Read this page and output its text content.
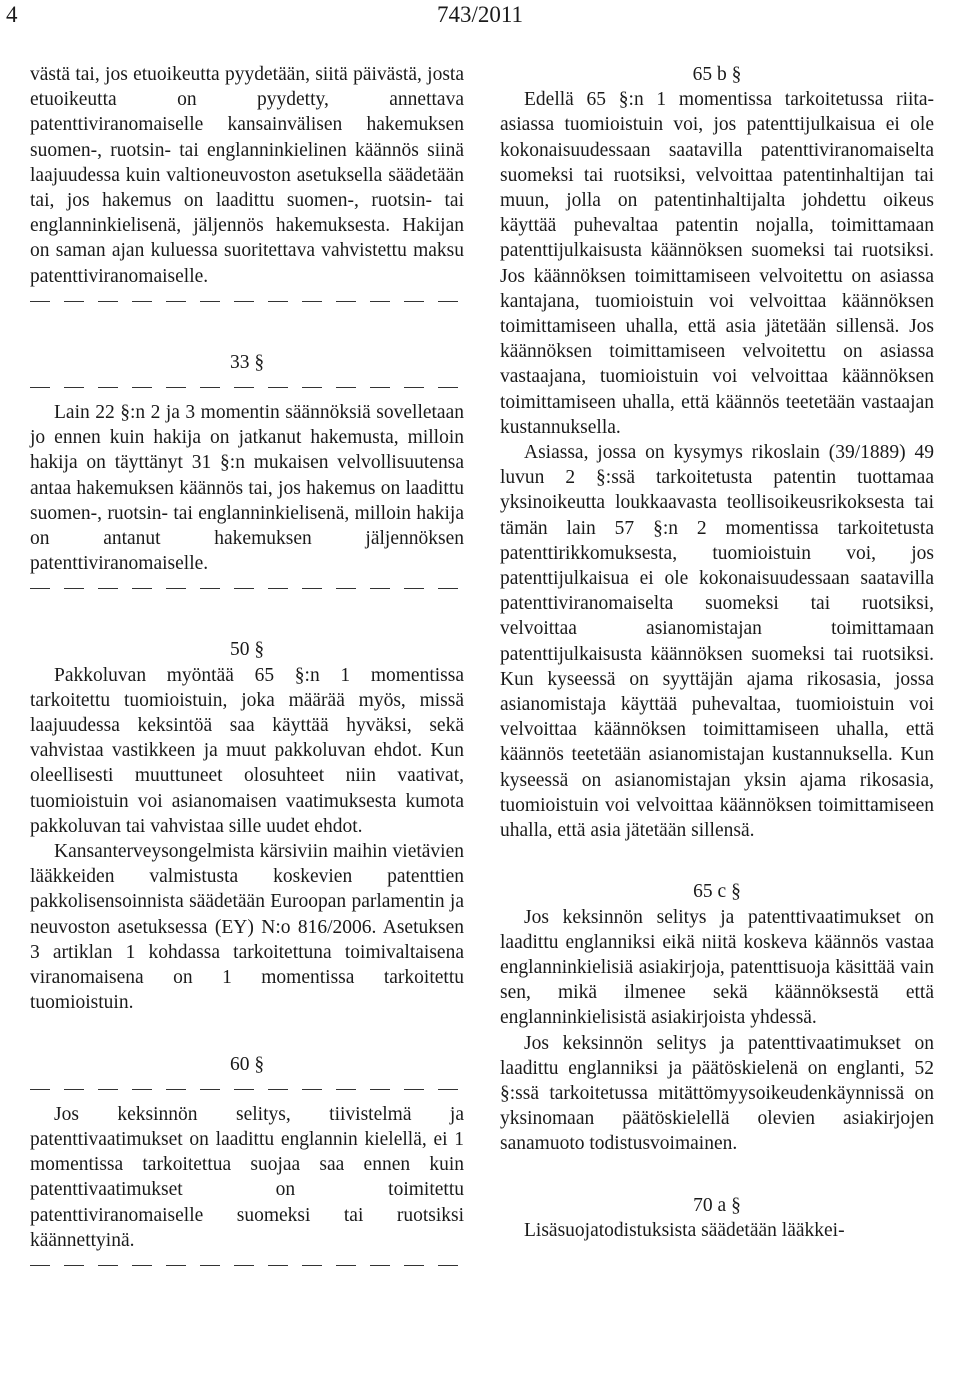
4	743/2011

västä tai, jos etuoikeutta pyydetään, siitä päivästä, josta etuoikeutta on pyydetty, annettava patenttiviranomaiselle kansainvälisen hakemuksen suomen-, ruotsin- tai englanninkielinen käännös siinä laajuudessa kuin valtioneuvoston asetuksella säädetään tai, jos hakemus on laadittu suomen-, ruotsin- tai englanninkielisenä, jäljennös hakemuksesta. Hakijan on saman ajan kuluessa suoritettava vahvistettu maksu patenttiviranomaiselle.

33 §

Lain 22 §:n 2 ja 3 momentin säännöksiä sovelletaan jo ennen kuin hakija on jatkanut hakemusta, milloin hakija on täyttänyt 31 §:n mukaisen velvollisuutensa antaa hakemuksen käännös tai, jos hakemus on laadittu suomen-, ruotsin- tai englanninkielisenä, milloin hakija on antanut hakemuksen jäljennöksen patenttiviranomaiselle.

50 §

Pakkoluvan myöntää 65 §:n 1 momentissa tarkoitettu tuomioistuin, joka määrää myös, missä laajuudessa keksintöä saa käyttää hyväksi, sekä vahvistaa vastikkeen ja muut pakkoluvan ehdot. Kun oleellisesti muuttuneet olosuhteet niin vaativat, tuomioistuin voi asianomaisen vaatimuksesta kumota pakkoluvan tai vahvistaa sille uudet ehdot.

Kansanterveysongelmista kärsiviin maihin vietävien lääkkeiden valmistusta koskevien patenttien pakkolisensoinnista säädetään Euroopan parlamentin ja neuvoston asetuksessa (EY) N:o 816/2006. Asetuksen 3 artiklan 1 kohdassa tarkoitettuna toimivaltaisena viranomaisena on 1 momentissa tarkoitettu tuomioistuin.

60 §

Jos keksinnön selitys, tiivistelmä ja patenttivaatimukset on laadittu englannin kielellä, ei 1 momentissa tarkoitettua suojaa saa ennen kuin patenttivaatimukset on toimitettu patenttiviranomaiselle suomeksi tai ruotsiksi käännettyinä.

65 b §

Edellä 65 §:n 1 momentissa tarkoitetussa riita-asiassa tuomioistuin voi, jos patenttijulkaisua ei ole kokonaisuudessaan saatavilla patenttiviranomaiselta suomeksi tai ruotsiksi, velvoittaa patentinhaltijan tai muun, jolla on patentinhaltijalta johdettu oikeus käyttää puhevaltaa patentin nojalla, toimittamaan patenttijulkaisusta käännöksen suomeksi tai ruotsiksi. Jos käännöksen toimittamiseen velvoitettu on asiassa kantajana, tuomioistuin voi velvoittaa käännöksen toimittamiseen uhalla, että asia jätetään sillensä. Jos käännöksen toimittamiseen velvoitettu on asiassa vastaajana, tuomioistuin voi velvoittaa käännöksen toimittamiseen uhalla, että käännös teetetään vastaajan kustannuksella.

Asiassa, jossa on kysymys rikoslain (39/1889) 49 luvun 2 §:ssä tarkoitetusta patentin tuottamaa yksinoikeutta loukkaavasta teollisoikeusrikoksesta tai tämän lain 57 §:n 2 momentissa tarkoitetusta patenttirikkomuksesta, tuomioistuin voi, jos patenttijulkaisua ei ole kokonaisuudessaan saatavilla patenttiviranomaiselta suomeksi tai ruotsiksi, velvoittaa asianomistajan toimittamaan patenttijulkaisusta käännöksen suomeksi tai ruotsiksi. Kun kyseessä on syyttäjän ajama rikosasia, jossa asianomistaja käyttää puhevaltaa, tuomioistuin voi velvoittaa käännöksen toimittamiseen uhalla, että käännös teetetään asianomistajan kustannuksella. Kun kyseessä on asianomistajan yksin ajama rikosasia, tuomioistuin voi velvoittaa käännöksen toimittamiseen uhalla, että asia jätetään sillensä.

65 c §

Jos keksinnön selitys ja patenttivaatimukset on laadittu englanniksi eikä niitä koskeva käännös vastaa englanninkielisiä asiakirjoja, patenttisuoja käsittää vain sen, mikä ilmenee sekä käännöksestä että englanninkielisistä asiakirjoista yhdessä.

Jos keksinnön selitys ja patenttivaatimukset on laadittu englanniksi ja päätöskielenä on englanti, 52 §:ssä tarkoitetussa mitättömyysoikeudenkäynnissä on yksinomaan päätöskielellä olevien asiakirjojen sanamuoto todistusvoimainen.

70 a §

Lisäsuojatodistuksista säädetään lääkkei-
